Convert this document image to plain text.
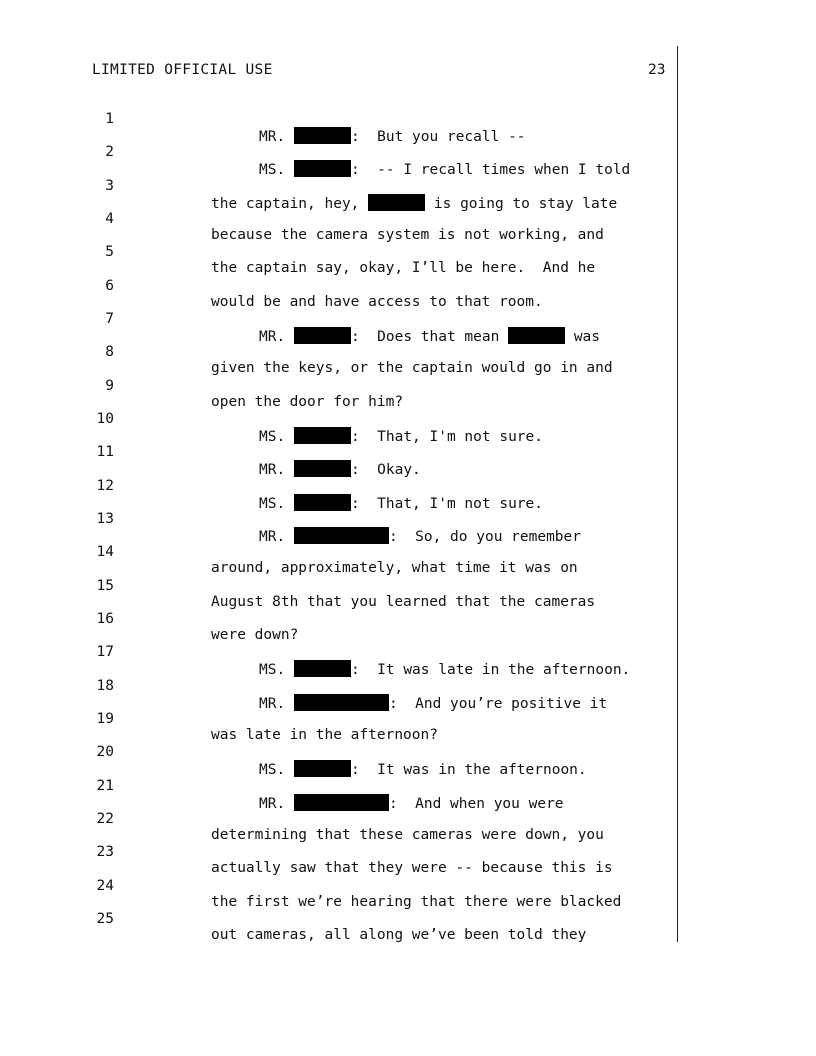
LIMITED OFFICIAL USE	23

1

MR.	:  But you recall --

2

MS.	:  -- I recall times when I told

3

the captain, hey,	is going to stay late

4

because the camera system is not working, and

5

the captain say, okay, I’ll be here.  And he

6

would be and have access to that room.

7

MR.	:  Does that mean	was

8

given the keys, or the captain would go in and

9

open the door for him?

10

MS.	:  That, I'm not sure.

11

MR.	:  Okay.

12

MS.	:  That, I'm not sure.

13

MR.	:  So, do you remember

14

around, approximately, what time it was on

15

August 8th that you learned that the cameras

16

were down?

17

MS.	:  It was late in the afternoon.

18

MR.	:  And you’re positive it

19

was late in the afternoon?

20

MS.	:  It was in the afternoon.

21

MR.	:  And when you were

22

determining that these cameras were down, you

23

actually saw that they were -- because this is

24

the first we’re hearing that there were blacked

25

out cameras, all along we’ve been told they
